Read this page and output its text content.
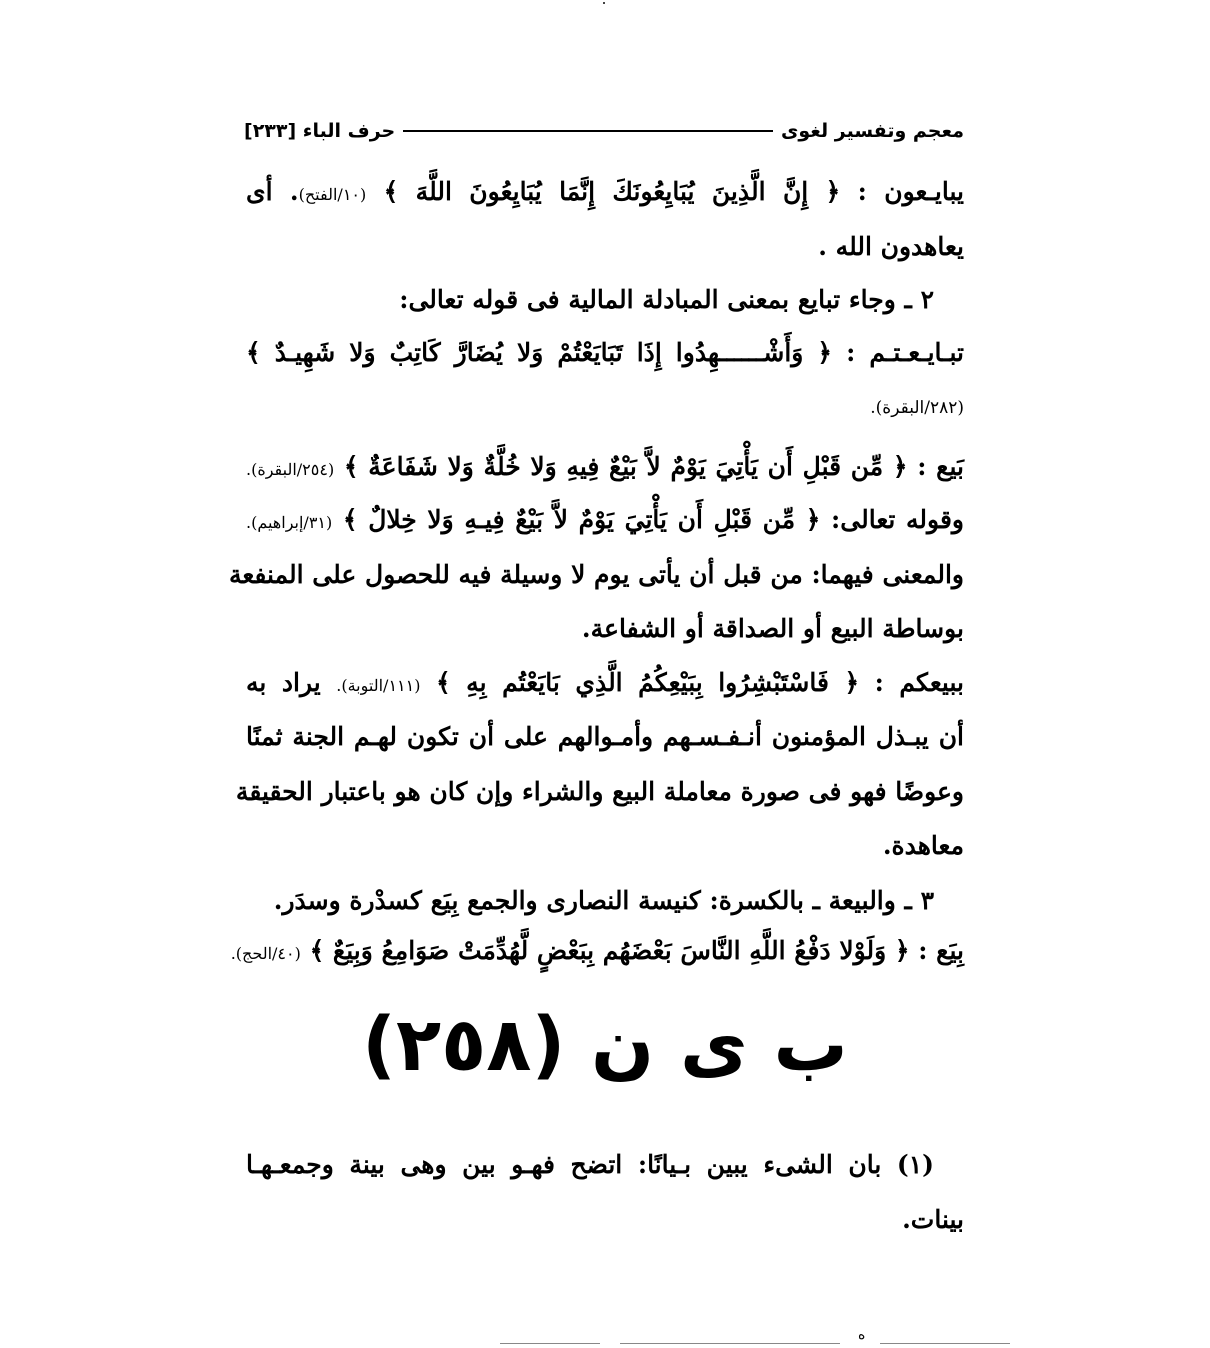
معجم وتفسير لغوى
حرف الباء [٢٣٣]
يبايـعون : ﴿ إِنَّ الَّذِينَ يُبَايِعُونَكَ إِنَّمَا يُبَايِعُونَ اللَّهَ ﴾ (١٠/الفتح). أى
يعاهدون الله .
٢ ـ وجاء تبايع بمعنى المبادلة المالية فى قوله تعالى:
تبـايـعـتـم : ﴿ وَأَشْــــــهِدُوا إِذَا تَبَايَعْتُمْ وَلا يُضَارَّ كَاتِبٌ وَلا شَهِيـدٌ ﴾
(٢٨٢/البقرة).
بَيع : ﴿ مِّن قَبْلِ أَن يَأْتِيَ يَوْمٌ لاَّ بَيْعٌ فِيهِ وَلا خُلَّةٌ وَلا شَفَاعَةٌ ﴾ (٢٥٤/البقرة).
وقوله تعالى: ﴿ مِّن قَبْلِ أَن يَأْتِيَ يَوْمٌ لاَّ بَيْعٌ فِيـهِ وَلا خِلالٌ ﴾ (٣١/إبراهيم).
والمعنى فيهما: من قبل أن يأتى يوم لا وسيلة فيه للحصول على المنفعة
بوساطة البيع أو الصداقة أو الشفاعة.
ببيعكم : ﴿ فَاسْتَبْشِرُوا بِبَيْعِكُمُ الَّذِي بَايَعْتُم بِهِ ﴾ (١١١/التوبة). يراد به
أن يبـذل المؤمنون أنـفـسـهم وأمـوالهم على أن تكون لهـم الجنة ثمنًا
وعوضًا فهو فى صورة معاملة البيع والشراء وإن كان هو باعتبار الحقيقة
معاهدة.
٣ ـ والبيعة ـ بالكسرة: كنيسة النصارى والجمع بِيَع كسدْرة وسدَر.
بِيَع : ﴿ وَلَوْلا دَفْعُ اللَّهِ النَّاسَ بَعْضَهُم بِبَعْضٍ لَّهُدِّمَتْ صَوَامِعُ وَبِيَعٌ ﴾ (٤٠/الحج).
ب ى ن (٢٥٨)
(١) بان الشىء يبين بـيانًا: اتضح فهـو بين وهى بينة وجمعـهـا
بينات.
ه
